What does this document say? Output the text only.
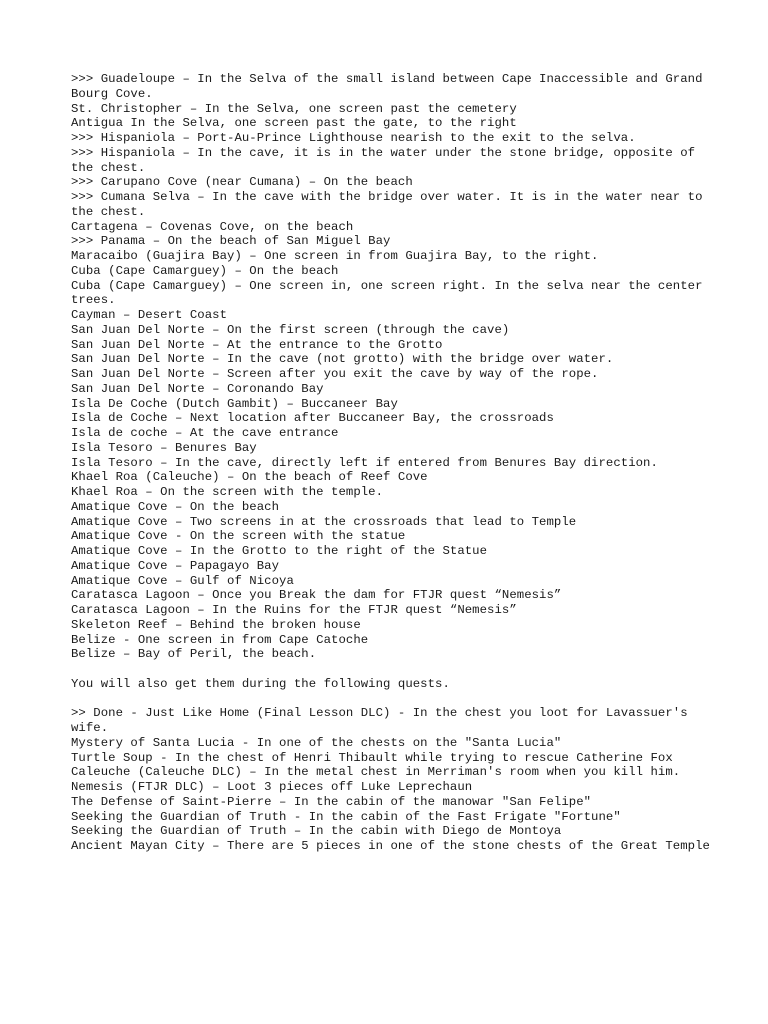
>>> Guadeloupe – In the Selva of the small island between Cape Inaccessible and Grand Bourg Cove.
St. Christopher – In the Selva, one screen past the cemetery
Antigua In the Selva, one screen past the gate, to the right
>>> Hispaniola – Port-Au-Prince Lighthouse nearish to the exit to the selva.
>>> Hispaniola – In the cave, it is in the water under the stone bridge, opposite of the chest.
>>> Carupano Cove (near Cumana) – On the beach
>>> Cumana Selva – In the cave with the bridge over water. It is in the water near to the chest.
Cartagena – Covenas Cove, on the beach
>>> Panama – On the beach of San Miguel Bay
Maracaibo (Guajira Bay) – One screen in from Guajira Bay, to the right.
Cuba (Cape Camarguey) – On the beach
Cuba (Cape Camarguey) – One screen in, one screen right. In the selva near the center trees.
Cayman – Desert Coast
San Juan Del Norte – On the first screen (through the cave)
San Juan Del Norte – At the entrance to the Grotto
San Juan Del Norte – In the cave (not grotto) with the bridge over water.
San Juan Del Norte – Screen after you exit the cave by way of the rope.
San Juan Del Norte – Coronando Bay
Isla De Coche (Dutch Gambit) – Buccaneer Bay
Isla de Coche – Next location after Buccaneer Bay, the crossroads
Isla de coche – At the cave entrance
Isla Tesoro – Benures Bay
Isla Tesoro – In the cave, directly left if entered from Benures Bay direction.
Khael Roa (Caleuche) – On the beach of Reef Cove
Khael Roa – On the screen with the temple.
Amatique Cove – On the beach
Amatique Cove – Two screens in at the crossroads that lead to Temple
Amatique Cove - On the screen with the statue
Amatique Cove – In the Grotto to the right of the Statue
Amatique Cove – Papagayo Bay
Amatique Cove – Gulf of Nicoya
Caratasca Lagoon – Once you Break the dam for FTJR quest “Nemesis”
Caratasca Lagoon – In the Ruins for the FTJR quest “Nemesis”
Skeleton Reef – Behind the broken house
Belize - One screen in from Cape Catoche
Belize – Bay of Peril, the beach.
You will also get them during the following quests.
>> Done - Just Like Home (Final Lesson DLC) - In the chest you loot for Lavassuer's wife.
Mystery of Santa Lucia - In one of the chests on the "Santa Lucia"
Turtle Soup - In the chest of Henri Thibault while trying to rescue Catherine Fox
Caleuche (Caleuche DLC) – In the metal chest in Merriman's room when you kill him.
Nemesis (FTJR DLC) – Loot 3 pieces off Luke Leprechaun
The Defense of Saint-Pierre – In the cabin of the manowar "San Felipe"
Seeking the Guardian of Truth - In the cabin of the Fast Frigate "Fortune"
Seeking the Guardian of Truth – In the cabin with Diego de Montoya
Ancient Mayan City – There are 5 pieces in one of the stone chests of the Great Temple
